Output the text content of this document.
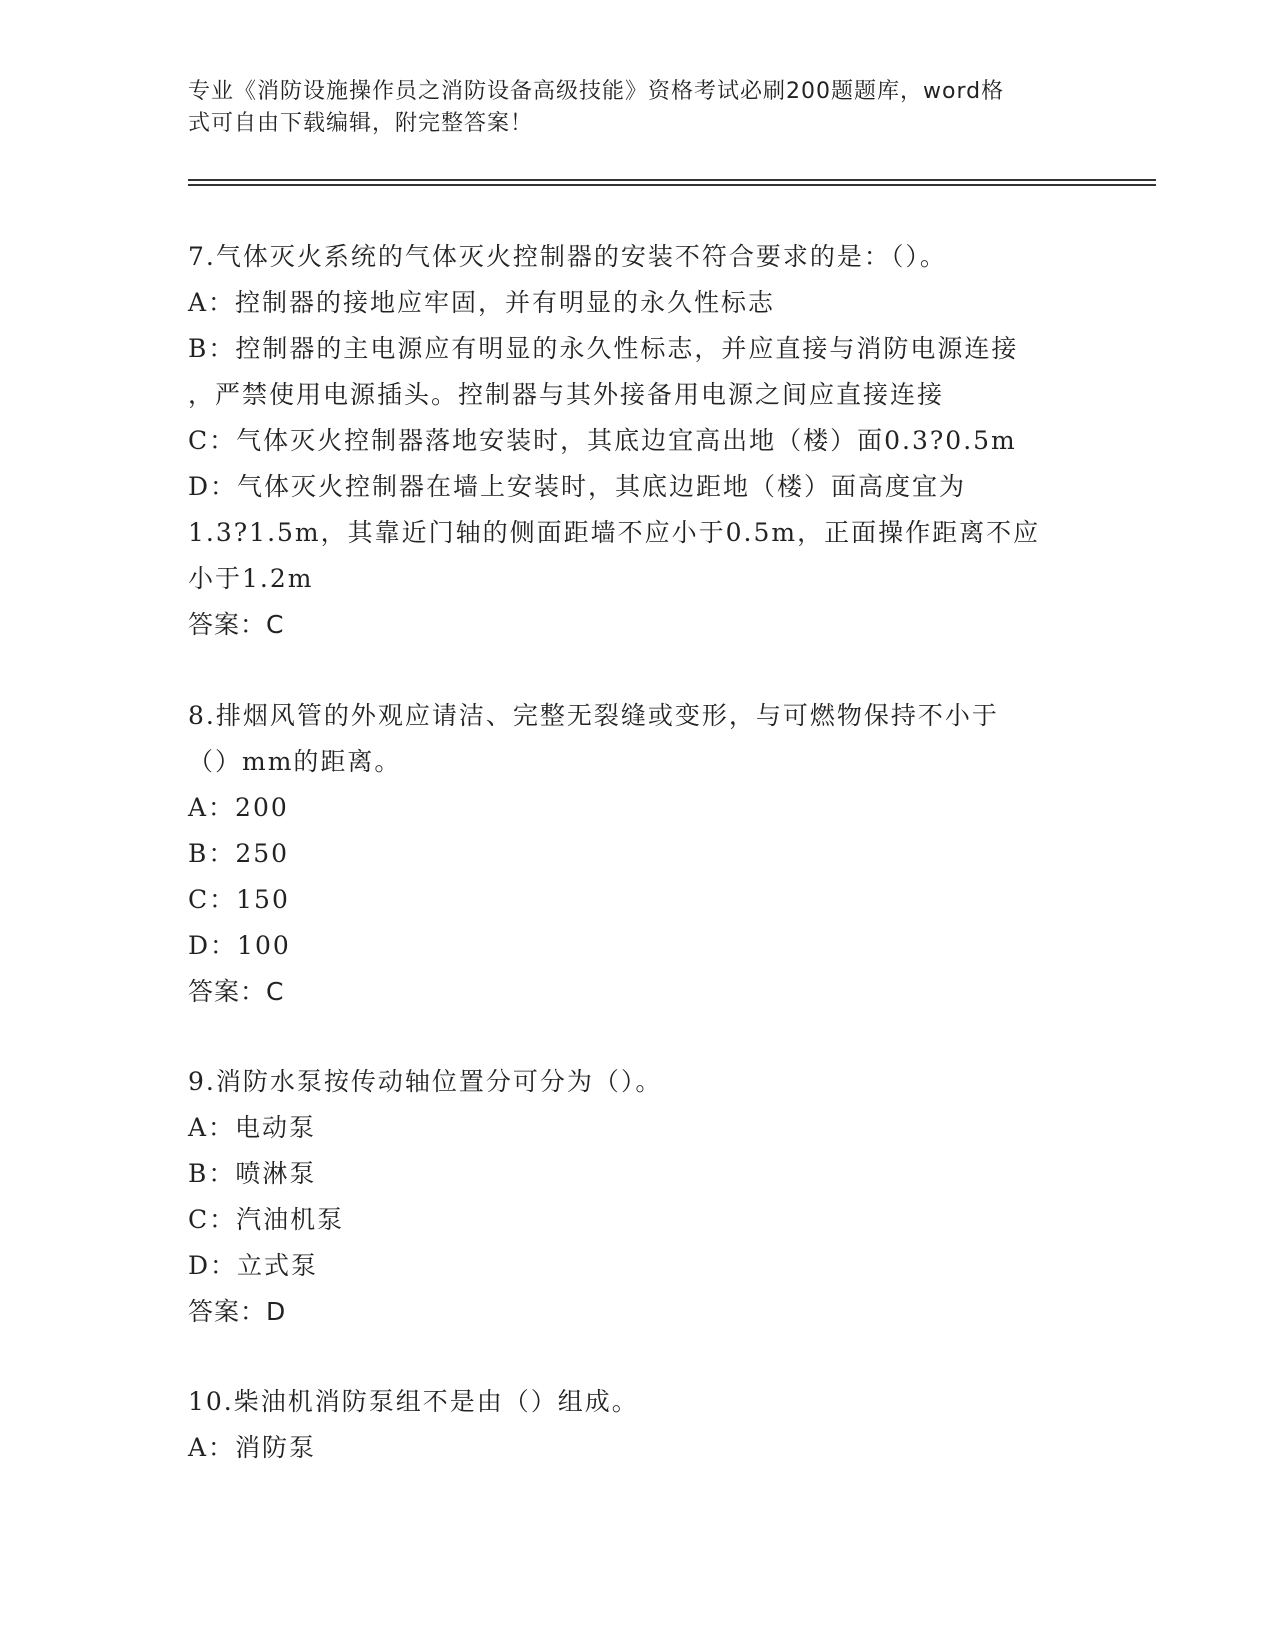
专业《消防设施操作员之消防设备高级技能》资格考试必刷200题题库，word格
式可自由下载编辑，附完整答案！
7.气体灭火系统的气体灭火控制器的安装不符合要求的是：（）。
A：控制器的接地应牢固，并有明显的永久性标志
B：控制器的主电源应有明显的永久性标志，并应直接与消防电源连接
，严禁使用电源插头。控制器与其外接备用电源之间应直接连接
C：气体灭火控制器落地安装时，其底边宜高出地（楼）面0.3?0.5m
D：气体灭火控制器在墙上安装时，其底边距地（楼）面高度宜为
1.3?1.5m，其靠近门轴的侧面距墙不应小于0.5m，正面操作距离不应
小于1.2m
答案：C
8.排烟风管的外观应请洁、完整无裂缝或变形，与可燃物保持不小于
（）mm的距离。
A：200
B：250
C：150
D：100
答案：C
9.消防水泵按传动轴位置分可分为（）。
A：电动泵
B：喷淋泵
C：汽油机泵
D：立式泵
答案：D
10.柴油机消防泵组不是由（）组成。
A：消防泵
